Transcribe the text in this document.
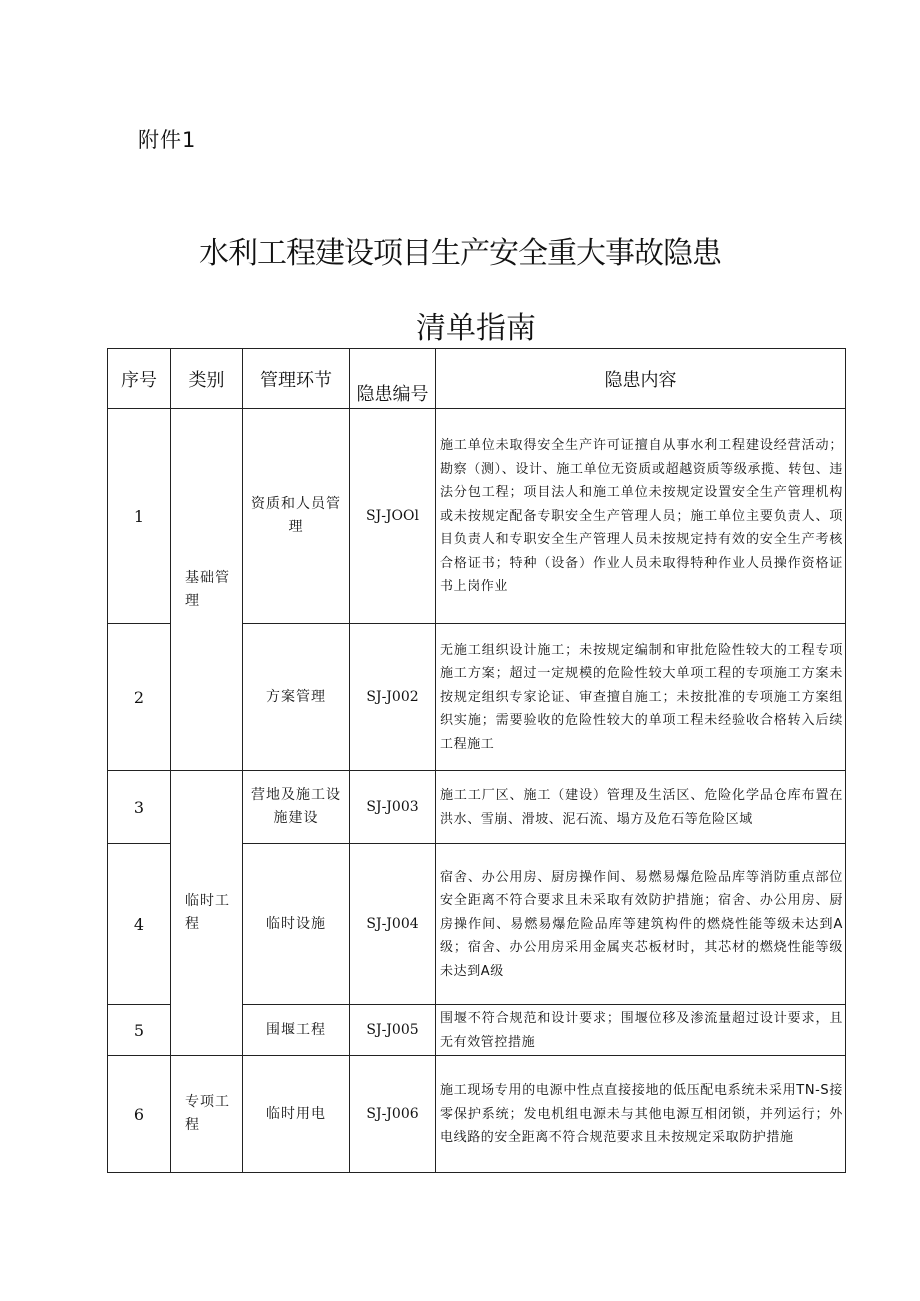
附件1
水利工程建设项目生产安全重大事故隐患
清单指南
序号	类别	管理环节	隐患编号	隐患内容
1	基础管理	资质和人员管理	SJ-JOOl	施工单位未取得安全生产许可证擅自从事水利工程建设经营活动；勘察（测）、设计、施工单位无资质或超越资质等级承揽、转包、违法分包工程；项目法人和施工单位未按规定设置安全生产管理机构或未按规定配备专职安全生产管理人员；施工单位主要负责人、项目负责人和专职安全生产管理人员未按规定持有效的安全生产考核合格证书；特种（设备）作业人员未取得特种作业人员操作资格证书上岗作业
2		方案管理	SJ-J002	无施工组织设计施工；未按规定编制和审批危险性较大的工程专项施工方案；超过一定规模的危险性较大单项工程的专项施工方案未按规定组织专家论证、审查擅自施工；未按批准的专项施工方案组织实施；需要验收的危险性较大的单项工程未经验收合格转入后续工程施工
3	临时工程	营地及施工设施建设	SJ-J003	施工工厂区、施工（建设）管理及生活区、危险化学品仓库布置在洪水、雪崩、滑坡、泥石流、塌方及危石等危险区域
4		临时设施	SJ-J004	宿舍、办公用房、厨房操作间、易燃易爆危险品库等消防重点部位安全距离不符合要求且未采取有效防护措施；宿舍、办公用房、厨房操作间、易燃易爆危险品库等建筑构件的燃烧性能等级未达到A级；宿舍、办公用房采用金属夹芯板材时，其芯材的燃烧性能等级未达到A级
5		围堰工程	SJ-J005	围堰不符合规范和设计要求；围堰位移及渗流量超过设计要求，且无有效管控措施
6	专项工程	临时用电	SJ-J006	施工现场专用的电源中性点直接接地的低压配电系统未采用TN-S接零保护系统；发电机组电源未与其他电源互相闭锁，并列运行；外电线路的安全距离不符合规范要求且未按规定采取防护措施
